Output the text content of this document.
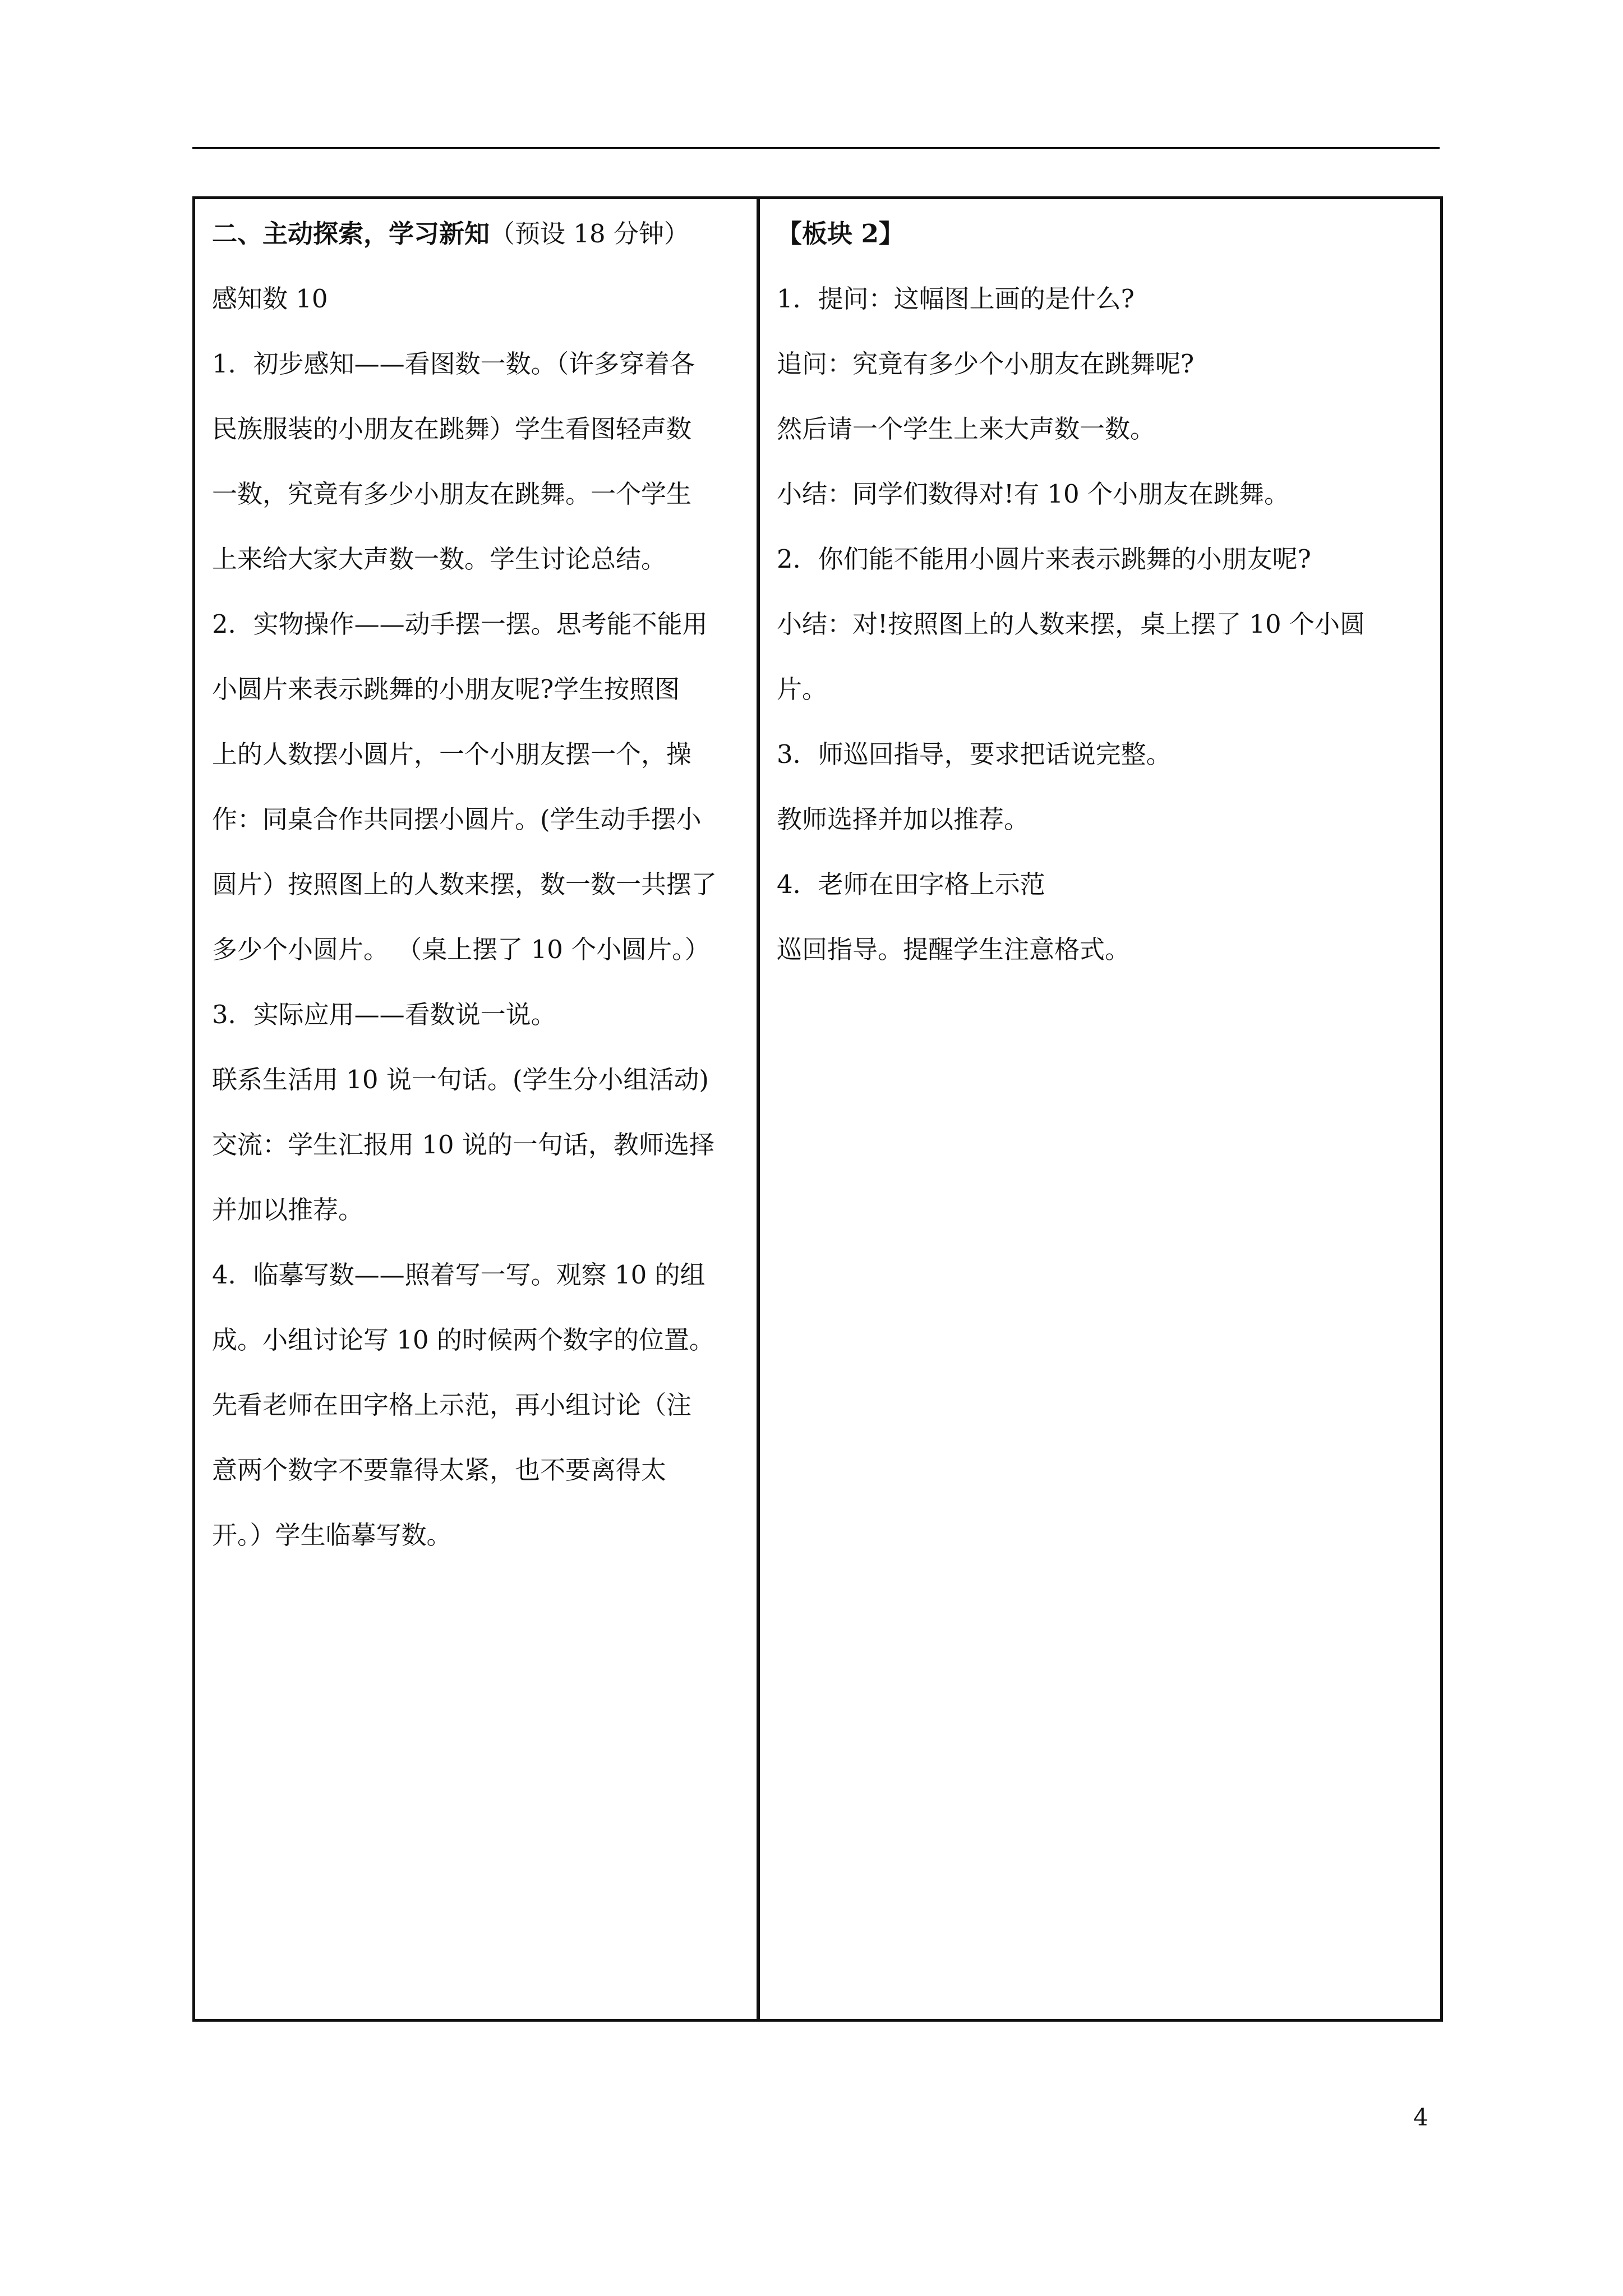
二、主动探索，学习新知（预设 18 分钟）
感知数 10
1．初步感知——看图数一数。（许多穿着各
民族服装的小朋友在跳舞）学生看图轻声数
一数，究竟有多少小朋友在跳舞。一个学生
上来给大家大声数一数。学生讨论总结。
2．实物操作——动手摆一摆。思考能不能用
小圆片来表示跳舞的小朋友呢?学生按照图
上的人数摆小圆片，一个小朋友摆一个，操
作：同桌合作共同摆小圆片。(学生动手摆小
圆片）按照图上的人数来摆，数一数一共摆了
多少个小圆片。 （桌上摆了 10 个小圆片。）
3．实际应用——看数说一说。
联系生活用 10 说一句话。(学生分小组活动)
交流：学生汇报用 10 说的一句话，教师选择
并加以推荐。
4．临摹写数——照着写一写。观察 10 的组
成。小组讨论写 10 的时候两个数字的位置。
先看老师在田字格上示范，再小组讨论（注
意两个数字不要靠得太紧，也不要离得太
开。）学生临摹写数。
【板块 2】
1．提问：这幅图上画的是什么?
追问：究竟有多少个小朋友在跳舞呢?
然后请一个学生上来大声数一数。
小结：同学们数得对!有 10 个小朋友在跳舞。
2．你们能不能用小圆片来表示跳舞的小朋友呢?
小结：对!按照图上的人数来摆，桌上摆了 10 个小圆
片。
3．师巡回指导，要求把话说完整。
教师选择并加以推荐。
4．老师在田字格上示范
巡回指导。提醒学生注意格式。
4
